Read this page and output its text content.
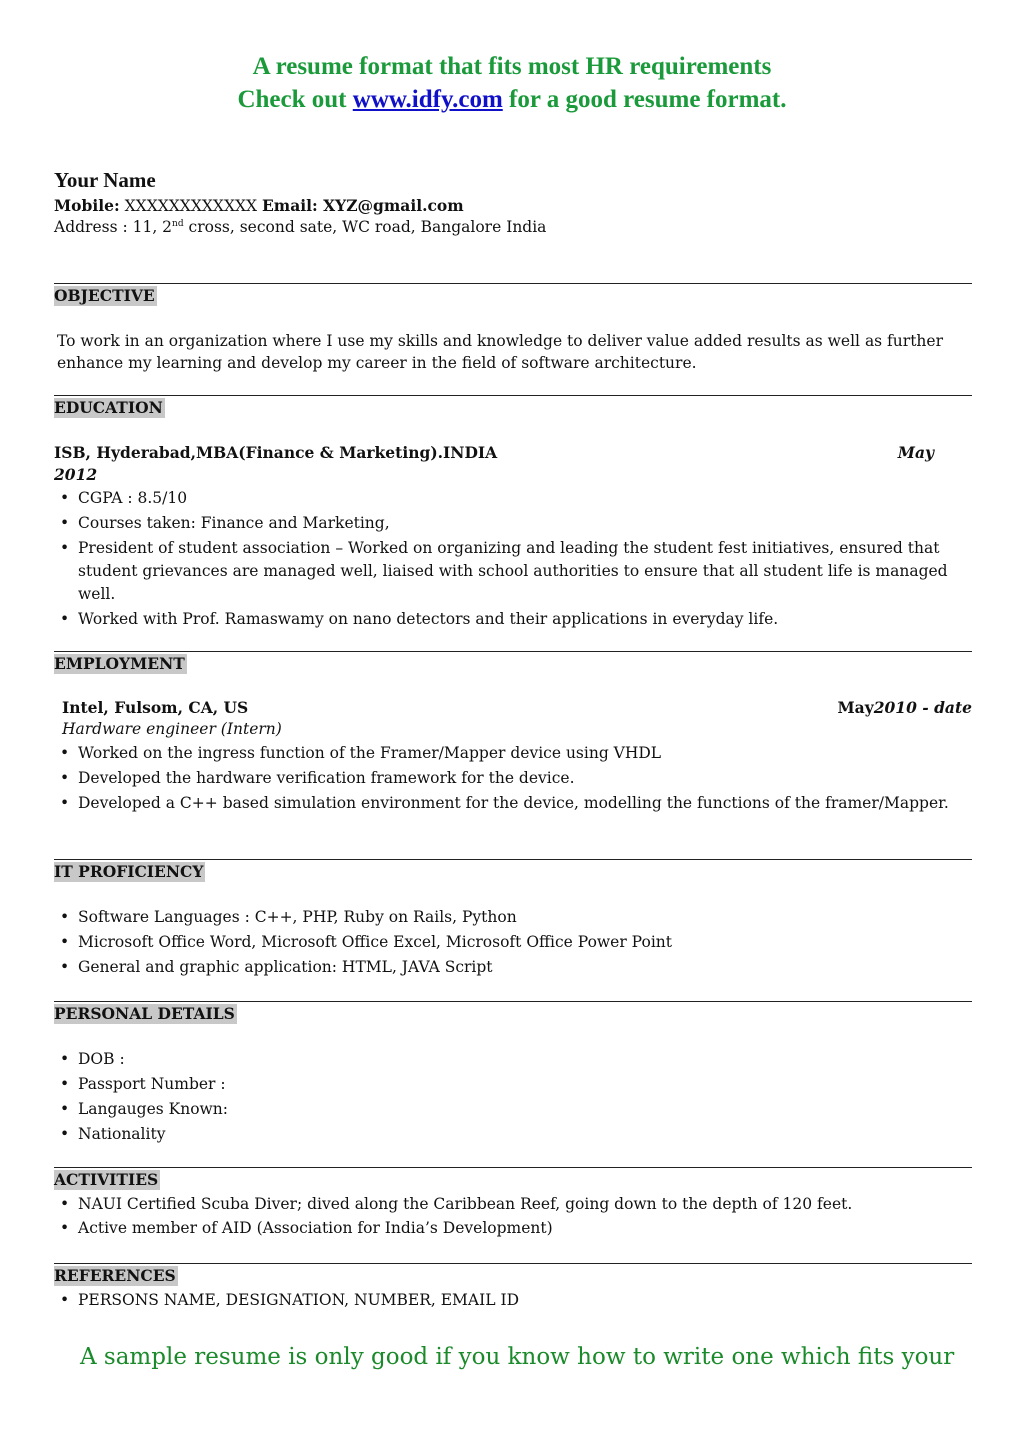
A resume format that fits most HR requirements
Check out www.idfy.com for a good resume format.
Your Name
Mobile: XXXXXXXXXXXX Email: XYZ@gmail.com
Address : 11, 2nd cross, second sate, WC road, Bangalore India
OBJECTIVE
To work in an organization where I use my skills and knowledge to deliver value added results as well as further enhance my learning and develop my career in the field of software architecture.
EDUCATION
ISB, Hyderabad,MBA(Finance & Marketing).INDIA	May
2012
• CGPA : 8.5/10
• Courses taken: Finance and Marketing,
• President of student association – Worked on organizing and leading the student fest initiatives, ensured that student grievances are managed well, liaised with school authorities to ensure that all student life is managed well.
• Worked with Prof. Ramaswamy on nano detectors and their applications in everyday life.
EMPLOYMENT
Intel, Fulsom, CA, US	May2010 - date
Hardware engineer (Intern)
• Worked on the ingress function of the Framer/Mapper device using VHDL
• Developed the hardware verification framework for the device.
• Developed a C++ based simulation environment for the device, modelling the functions of the framer/Mapper.
IT PROFICIENCY
• Software Languages : C++, PHP, Ruby on Rails, Python
• Microsoft Office Word, Microsoft Office Excel, Microsoft Office Power Point
• General and graphic application: HTML, JAVA Script
PERSONAL DETAILS
• DOB :
• Passport Number :
• Langauges Known:
• Nationality
ACTIVITIES
• NAUI Certified Scuba Diver; dived along the Caribbean Reef, going down to the depth of 120 feet.
• Active member of AID (Association for India’s Development)
REFERENCES
• PERSONS NAME, DESIGNATION, NUMBER, EMAIL ID
A sample resume is only good if you know how to write one which fits your
